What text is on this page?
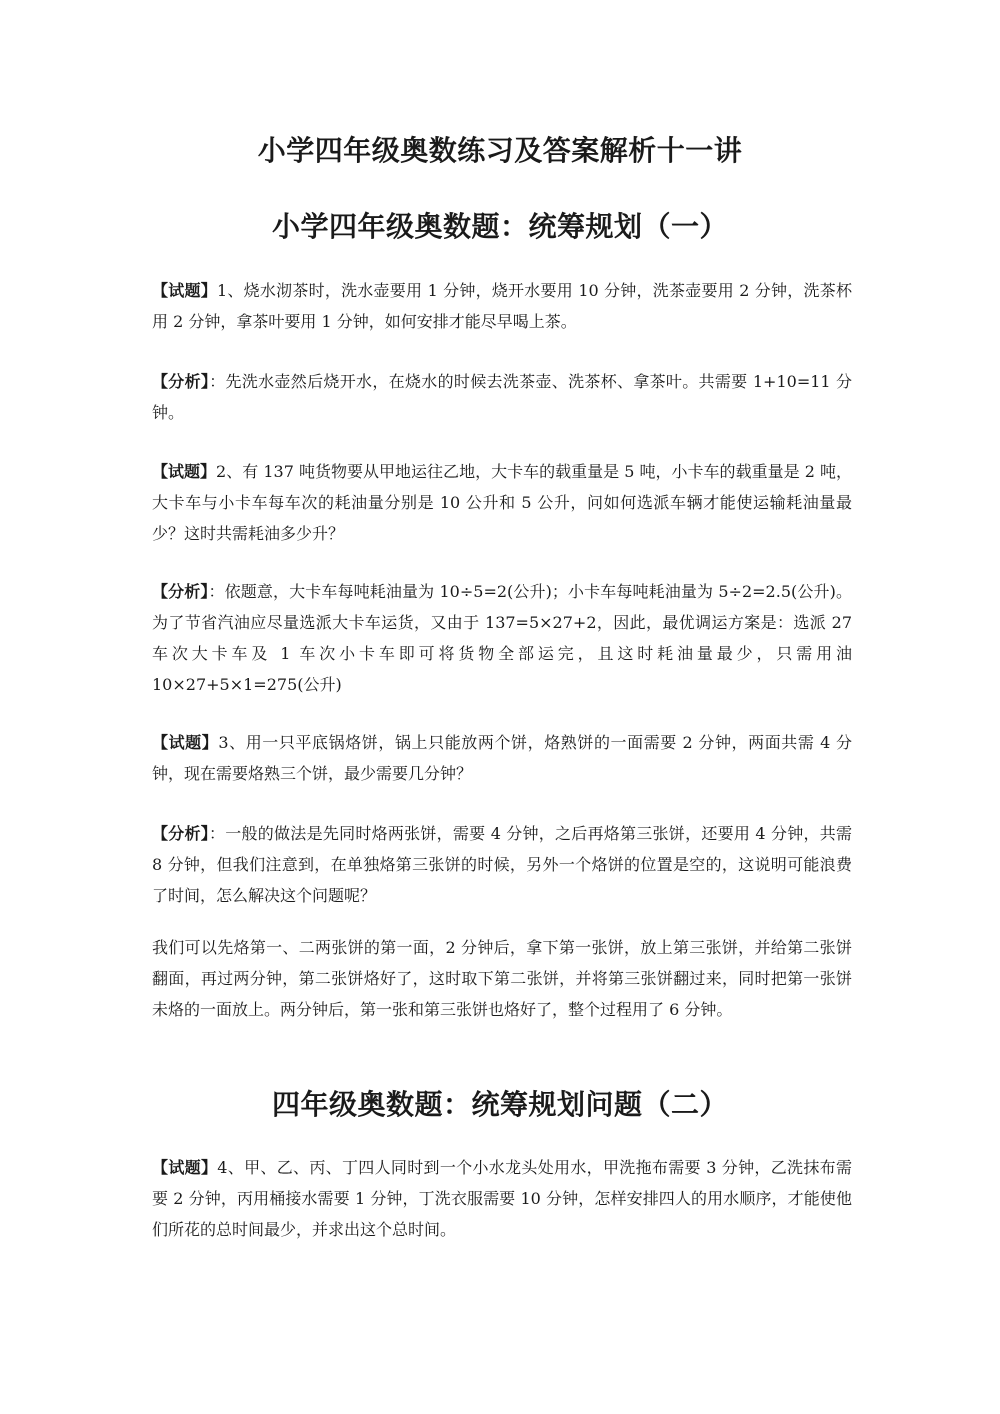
小学四年级奥数练习及答案解析十一讲
小学四年级奥数题：统筹规划（一）
【试题】1、烧水沏茶时，洗水壶要用 1 分钟，烧开水要用 10 分钟，洗茶壶要用 2 分钟，洗茶杯用 2 分钟，拿茶叶要用 1 分钟，如何安排才能尽早喝上茶。
【分析】：先洗水壶然后烧开水，在烧水的时候去洗茶壶、洗茶杯、拿茶叶。共需要 1+10=11 分钟。
【试题】2、有 137 吨货物要从甲地运往乙地，大卡车的载重量是 5 吨，小卡车的载重量是 2 吨，大卡车与小卡车每车次的耗油量分别是 10 公升和 5 公升，问如何选派车辆才能使运输耗油量最少？这时共需耗油多少升？
【分析】：依题意，大卡车每吨耗油量为 10÷5=2(公升)；小卡车每吨耗油量为 5÷2=2.5(公升)。为了节省汽油应尽量选派大卡车运货，又由于 137=5×27+2，因此，最优调运方案是：选派 27 车次大卡车及 1 车次小卡车即可将货物全部运完，且这时耗油量最少，只需用油 10×27+5×1=275(公升)
【试题】3、用一只平底锅烙饼，锅上只能放两个饼，烙熟饼的一面需要 2 分钟，两面共需 4 分钟，现在需要烙熟三个饼，最少需要几分钟？
【分析】：一般的做法是先同时烙两张饼，需要 4 分钟，之后再烙第三张饼，还要用 4 分钟，共需 8 分钟，但我们注意到，在单独烙第三张饼的时候，另外一个烙饼的位置是空的，这说明可能浪费了时间，怎么解决这个问题呢？
我们可以先烙第一、二两张饼的第一面，2 分钟后，拿下第一张饼，放上第三张饼，并给第二张饼翻面，再过两分钟，第二张饼烙好了，这时取下第二张饼，并将第三张饼翻过来，同时把第一张饼未烙的一面放上。两分钟后，第一张和第三张饼也烙好了，整个过程用了 6 分钟。
四年级奥数题：统筹规划问题（二）
【试题】4、甲、乙、丙、丁四人同时到一个小水龙头处用水，甲洗拖布需要 3 分钟，乙洗抹布需要 2 分钟，丙用桶接水需要 1 分钟，丁洗衣服需要 10 分钟，怎样安排四人的用水顺序，才能使他们所花的总时间最少，并求出这个总时间。
